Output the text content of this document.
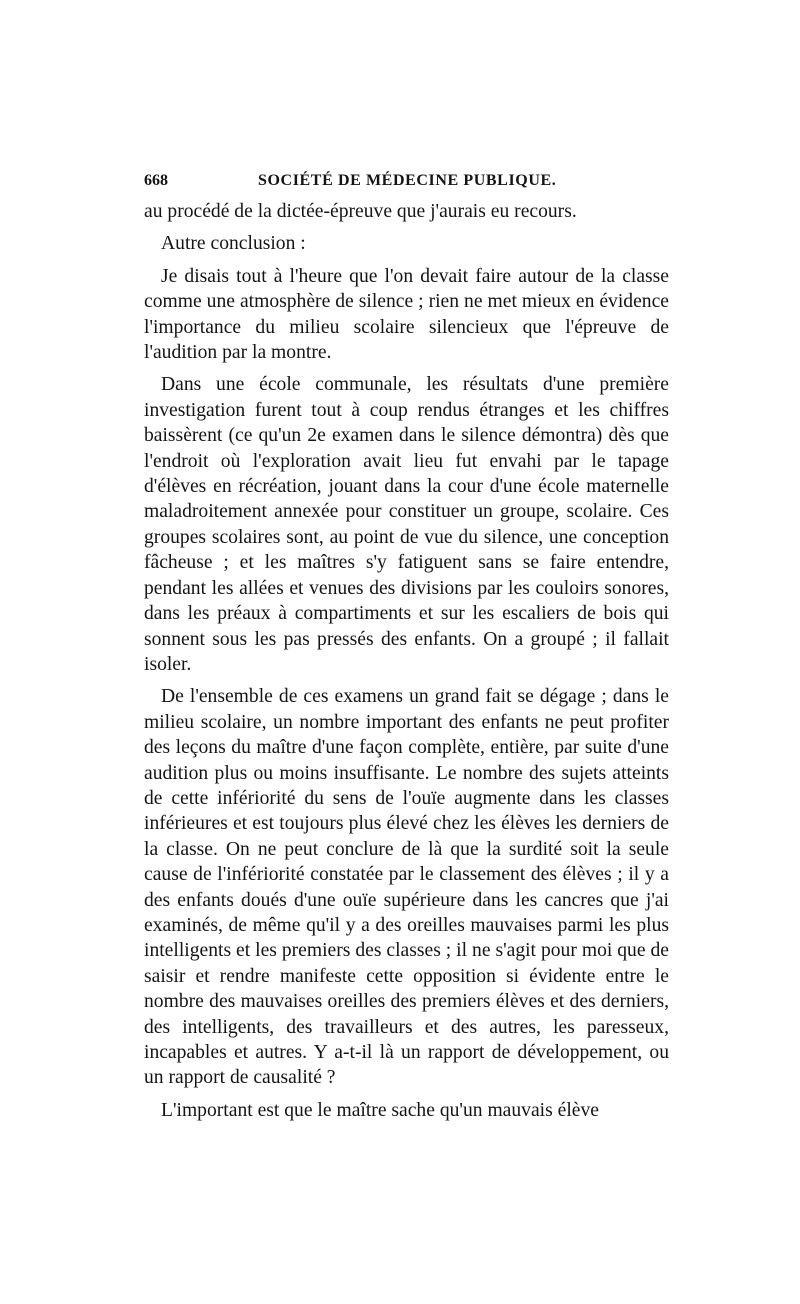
668	SOCIÉTÉ DE MÉDECINE PUBLIQUE.

au procédé de la dictée-épreuve que j'aurais eu recours.

Autre conclusion :

Je disais tout à l'heure que l'on devait faire autour de la classe comme une atmosphère de silence ; rien ne met mieux en évidence l'importance du milieu scolaire silencieux que l'épreuve de l'audition par la montre.

Dans une école communale, les résultats d'une première investigation furent tout à coup rendus étranges et les chiffres baissèrent (ce qu'un 2e examen dans le silence démontra) dès que l'endroit où l'exploration avait lieu fut envahi par le tapage d'élèves en récréation, jouant dans la cour d'une école maternelle maladroitement annexée pour constituer un groupe, scolaire. Ces groupes scolaires sont, au point de vue du silence, une conception fâcheuse ; et les maîtres s'y fatiguent sans se faire entendre, pendant les allées et venues des divisions par les couloirs sonores, dans les préaux à compartiments et sur les escaliers de bois qui sonnent sous les pas pressés des enfants. On a groupé ; il fallait isoler.

De l'ensemble de ces examens un grand fait se dégage ; dans le milieu scolaire, un nombre important des enfants ne peut profiter des leçons du maître d'une façon complète, entière, par suite d'une audition plus ou moins insuffisante. Le nombre des sujets atteints de cette infériorité du sens de l'ouïe augmente dans les classes inférieures et est toujours plus élevé chez les élèves les derniers de la classe. On ne peut conclure de là que la surdité soit la seule cause de l'infériorité constatée par le classement des élèves ; il y a des enfants doués d'une ouïe supérieure dans les cancres que j'ai examinés, de même qu'il y a des oreilles mauvaises parmi les plus intelligents et les premiers des classes ; il ne s'agit pour moi que de saisir et rendre manifeste cette opposition si évidente entre le nombre des mauvaises oreilles des premiers élèves et des derniers, des intelligents, des travailleurs et des autres, les paresseux, incapables et autres. Y a-t-il là un rapport de développement, ou un rapport de causalité ?

L'important est que le maître sache qu'un mauvais élève
